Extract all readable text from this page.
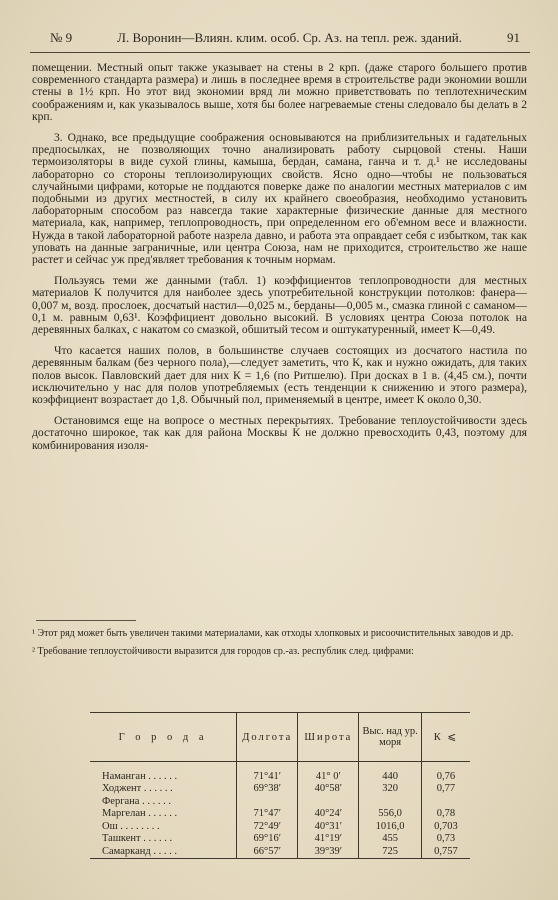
№ 9	Л. Воронин—Влиян. клим. особ. Ср. Аз. на тепл. реж. зданий.	91

помещении. Местный опыт также указывает на стены в 2 крп. (даже старого большего против современного стандарта размера) и лишь в последнее время в строительстве ради экономии вошли стены в 1½ крп. Но этот вид экономии вряд ли можно приветствовать по теплотехническим соображениям и, как указывалось выше, хотя бы более нагреваемые стены следовало бы делать в 2 крп.

3. Однако, все предыдущие соображения основываются на приблизительных и гадательных предпосылках, не позволяющих точно анализировать работу сырцовой стены. Наши термоизоляторы в виде сухой глины, камыша, бердан, самана, ганча и т. д.¹ не исследованы лабораторно со стороны теплоизолирующих свойств. Ясно одно—чтобы не пользоваться случайными цифрами, которые не поддаются поверке даже по аналогии местных материалов с им подобными из других местностей, в силу их крайнего своеобразия, необходимо установить лабораторным способом раз навсегда такие характерные физические данные для местного материала, как, например, теплопроводность, при определенном его об'емном весе и влажности. Нужда в такой лабораторной работе назрела давно, и работа эта оправдает себя с избытком, так как уповать на данные заграничные, или центра Союза, нам не приходится, строительство же наше растет и сейчас уж пред'являет требования к точным нормам.

Пользуясь теми же данными (табл. 1) коэффициентов теплопроводности для местных материалов К получится для наиболее здесь употребительной конструкции потолков: фанера—0,007 м, возд. прослоек, досчатый настил—0,025 м., берданы—0,005 м., смазка глиной с саманом—0,1 м. равным 0,63¹. Коэффициент довольно высокий. В условиях центра Союза потолок на деревянных балках, с накатом со смазкой, обшитый тесом и оштукатуренный, имеет К—0,49.

Что касается наших полов, в большинстве случаев состоящих из досчатого настила по деревянным балкам (без черного пола),—следует заметить, что К, как и нужно ожидать, для таких полов высок. Павловский дает для них К = 1,6 (по Ритшелю). При досках в 1 в. (4,45 см.), почти исключительно у нас для полов употребляемых (есть тенденции к снижению и этого размера), коэффициент возрастает до 1,8. Обычный пол, применяемый в центре, имеет К около 0,30.

Остановимся еще на вопросе о местных перекрытиях. Требование теплоустойчивости здесь достаточно широкое, так как для района Москвы К не должно превосходить 0,43, поэтому для комбинирования изоля-

¹ Этот ряд может быть увеличен такими материалами, как отходы хлопковых и рисоочистительных заводов и др.

² Требование теплоустойчивости выразится для городов ср.-аз. республик след. цифрами:

Г о р о д а	Долгота	Широта	Выс. над ур. моря	К ⩽

Наманган . . . . . .	71°41′	41° 0′	440	0,76
Ходжент . . . . . .	69°38′	40°58′	320	0,77
Фергана . . . . . .				
Маргелан . . . . . .	71°47′	40°24′	556,0	0,78
Ош . . . . . . . .	72°49′	40°31′	1016,0	0,703
Ташкент . . . . . .	69°16′	41°19′	455	0,73
Самарканд . . . . .	66°57′	39°39′	725	0,757
